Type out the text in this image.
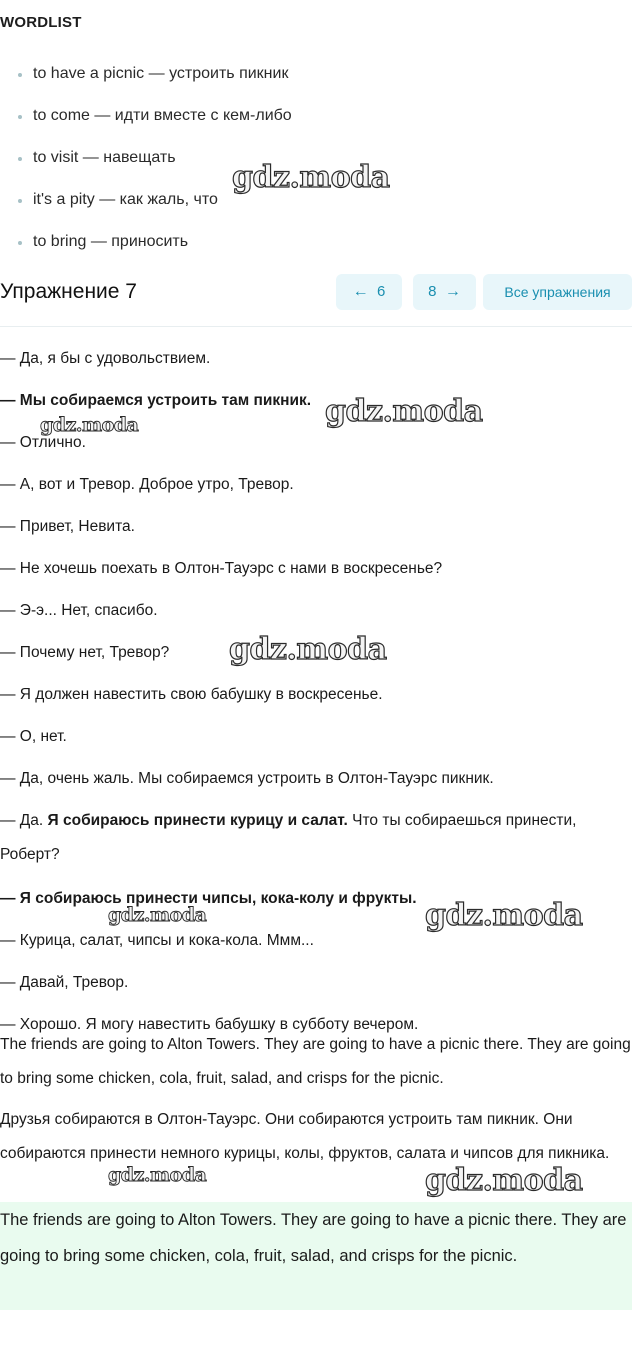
WORDLIST
to have a picnic — устроить пикник
to come — идти вместе с кем-либо
to visit — навещать
it's a pity — как жаль, что
to bring — приносить
Упражнение 7	← 6	8 →	Все упражнения
— Да, я бы с удовольствием.
— Мы собираемся устроить там пикник.
— Отлично.
— А, вот и Тревор. Доброе утро, Тревор.
— Привет, Невита.
— Не хочешь поехать в Олтон-Тауэрс с нами в воскресенье?
— Э-э... Нет, спасибо.
— Почему нет, Тревор?
— Я должен навестить свою бабушку в воскресенье.
— О, нет.
— Да, очень жаль. Мы собираемся устроить в Олтон-Тауэрс пикник.
— Да. Я собираюсь принести курицу и салат. Что ты собираешься принести, Роберт?
— Я собираюсь принести чипсы, кока-колу и фрукты.
— Курица, салат, чипсы и кока-кола. Ммм...
— Давай, Тревор.
— Хорошо. Я могу навестить бабушку в субботу вечером.
The friends are going to Alton Towers. They are going to have a picnic there. They are going to bring some chicken, cola, fruit, salad, and crisps for the picnic.
Друзья собираются в Олтон-Тауэрс. Они собираются устроить там пикник. Они собираются принести немного курицы, колы, фруктов, салата и чипсов для пикника.
The friends are going to Alton Towers. They are going to have a picnic there. They are going to bring some chicken, cola, fruit, salad, and crisps for the picnic.
gdz.moda
gdz.moda
gdz.moda
gdz.moda
gdz.moda
gdz.moda
gdz.moda	gdz.moda
